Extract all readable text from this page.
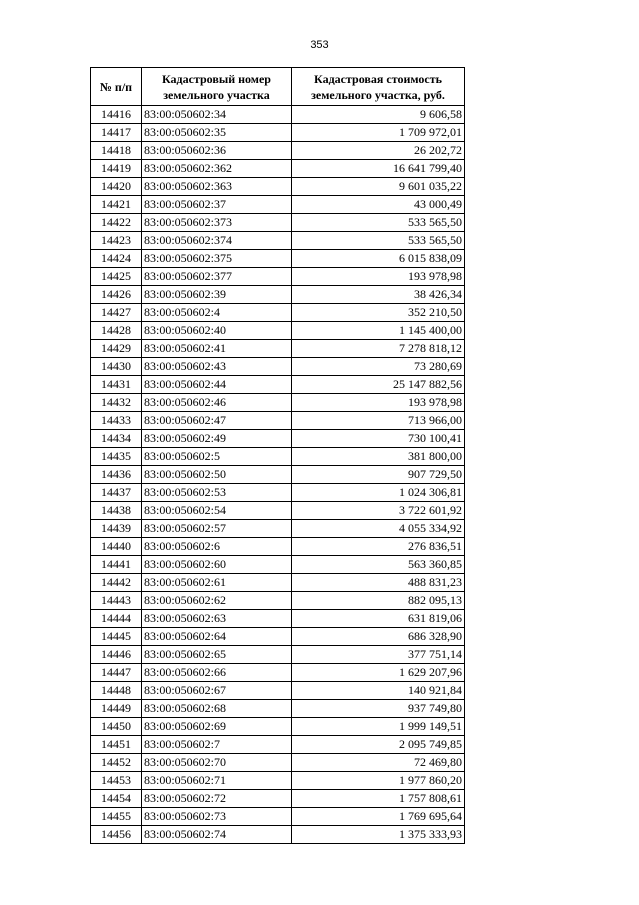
353
№ п/п	Кадастровый номер земельного участка	Кадастровая стоимость земельного участка, руб.
14416	83:00:050602:34	9 606,58
14417	83:00:050602:35	1 709 972,01
14418	83:00:050602:36	26 202,72
14419	83:00:050602:362	16 641 799,40
14420	83:00:050602:363	9 601 035,22
14421	83:00:050602:37	43 000,49
14422	83:00:050602:373	533 565,50
14423	83:00:050602:374	533 565,50
14424	83:00:050602:375	6 015 838,09
14425	83:00:050602:377	193 978,98
14426	83:00:050602:39	38 426,34
14427	83:00:050602:4	352 210,50
14428	83:00:050602:40	1 145 400,00
14429	83:00:050602:41	7 278 818,12
14430	83:00:050602:43	73 280,69
14431	83:00:050602:44	25 147 882,56
14432	83:00:050602:46	193 978,98
14433	83:00:050602:47	713 966,00
14434	83:00:050602:49	730 100,41
14435	83:00:050602:5	381 800,00
14436	83:00:050602:50	907 729,50
14437	83:00:050602:53	1 024 306,81
14438	83:00:050602:54	3 722 601,92
14439	83:00:050602:57	4 055 334,92
14440	83:00:050602:6	276 836,51
14441	83:00:050602:60	563 360,85
14442	83:00:050602:61	488 831,23
14443	83:00:050602:62	882 095,13
14444	83:00:050602:63	631 819,06
14445	83:00:050602:64	686 328,90
14446	83:00:050602:65	377 751,14
14447	83:00:050602:66	1 629 207,96
14448	83:00:050602:67	140 921,84
14449	83:00:050602:68	937 749,80
14450	83:00:050602:69	1 999 149,51
14451	83:00:050602:7	2 095 749,85
14452	83:00:050602:70	72 469,80
14453	83:00:050602:71	1 977 860,20
14454	83:00:050602:72	1 757 808,61
14455	83:00:050602:73	1 769 695,64
14456	83:00:050602:74	1 375 333,93
